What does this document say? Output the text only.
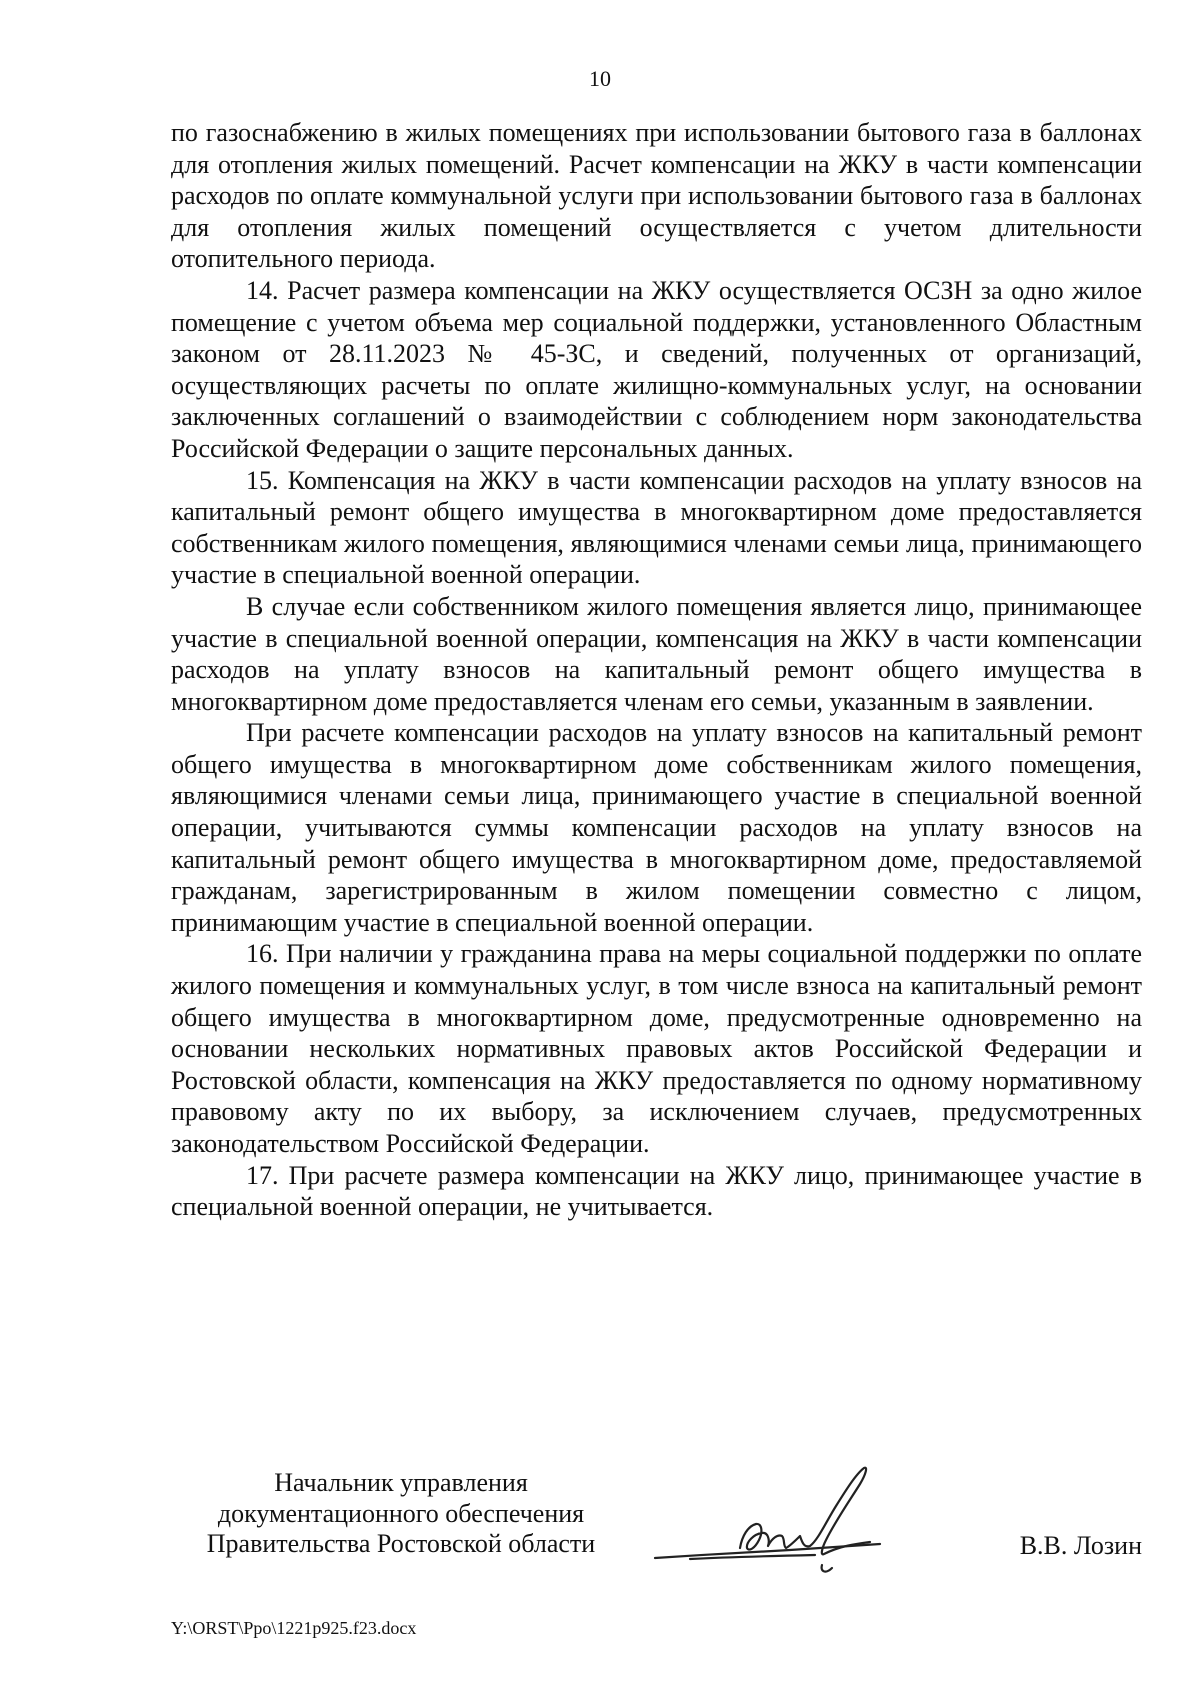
10

по газоснабжению в жилых помещениях при использовании бытового газа в баллонах для отопления жилых помещений. Расчет компенсации на ЖКУ в части компенсации расходов по оплате коммунальной услуги при использовании бытового газа в баллонах для отопления жилых помещений осуществляется с учетом длительности отопительного периода.

14. Расчет размера компенсации на ЖКУ осуществляется ОСЗН за одно жилое помещение с учетом объема мер социальной поддержки, установленного Областным законом от 28.11.2023 № 45-ЗС, и сведений, полученных от организаций, осуществляющих расчеты по оплате жилищно-коммунальных услуг, на основании заключенных соглашений о взаимодействии с соблюдением норм законодательства Российской Федерации о защите персональных данных.

15. Компенсация на ЖКУ в части компенсации расходов на уплату взносов на капитальный ремонт общего имущества в многоквартирном доме предоставляется собственникам жилого помещения, являющимися членами семьи лица, принимающего участие в специальной военной операции.

В случае если собственником жилого помещения является лицо, принимающее участие в специальной военной операции, компенсация на ЖКУ в части компенсации расходов на уплату взносов на капитальный ремонт общего имущества в многоквартирном доме предоставляется членам его семьи, указанным в заявлении.

При расчете компенсации расходов на уплату взносов на капитальный ремонт общего имущества в многоквартирном доме собственникам жилого помещения, являющимися членами семьи лица, принимающего участие в специальной военной операции, учитываются суммы компенсации расходов на уплату взносов на капитальный ремонт общего имущества в многоквартирном доме, предоставляемой гражданам, зарегистрированным в жилом помещении совместно с лицом, принимающим участие в специальной военной операции.

16. При наличии у гражданина права на меры социальной поддержки по оплате жилого помещения и коммунальных услуг, в том числе взноса на капитальный ремонт общего имущества в многоквартирном доме, предусмотренные одновременно на основании нескольких нормативных правовых актов Российской Федерации и Ростовской области, компенсация на ЖКУ предоставляется по одному нормативному правовому акту по их выбору, за исключением случаев, предусмотренных законодательством Российской Федерации.

17. При расчете размера компенсации на ЖКУ лицо, принимающее участие в специальной военной операции, не учитывается.

Начальник управления
документационного обеспечения
Правительства Ростовской области	В.В. Лозин
Y:\ORST\Ppo\1221p925.f23.docx
